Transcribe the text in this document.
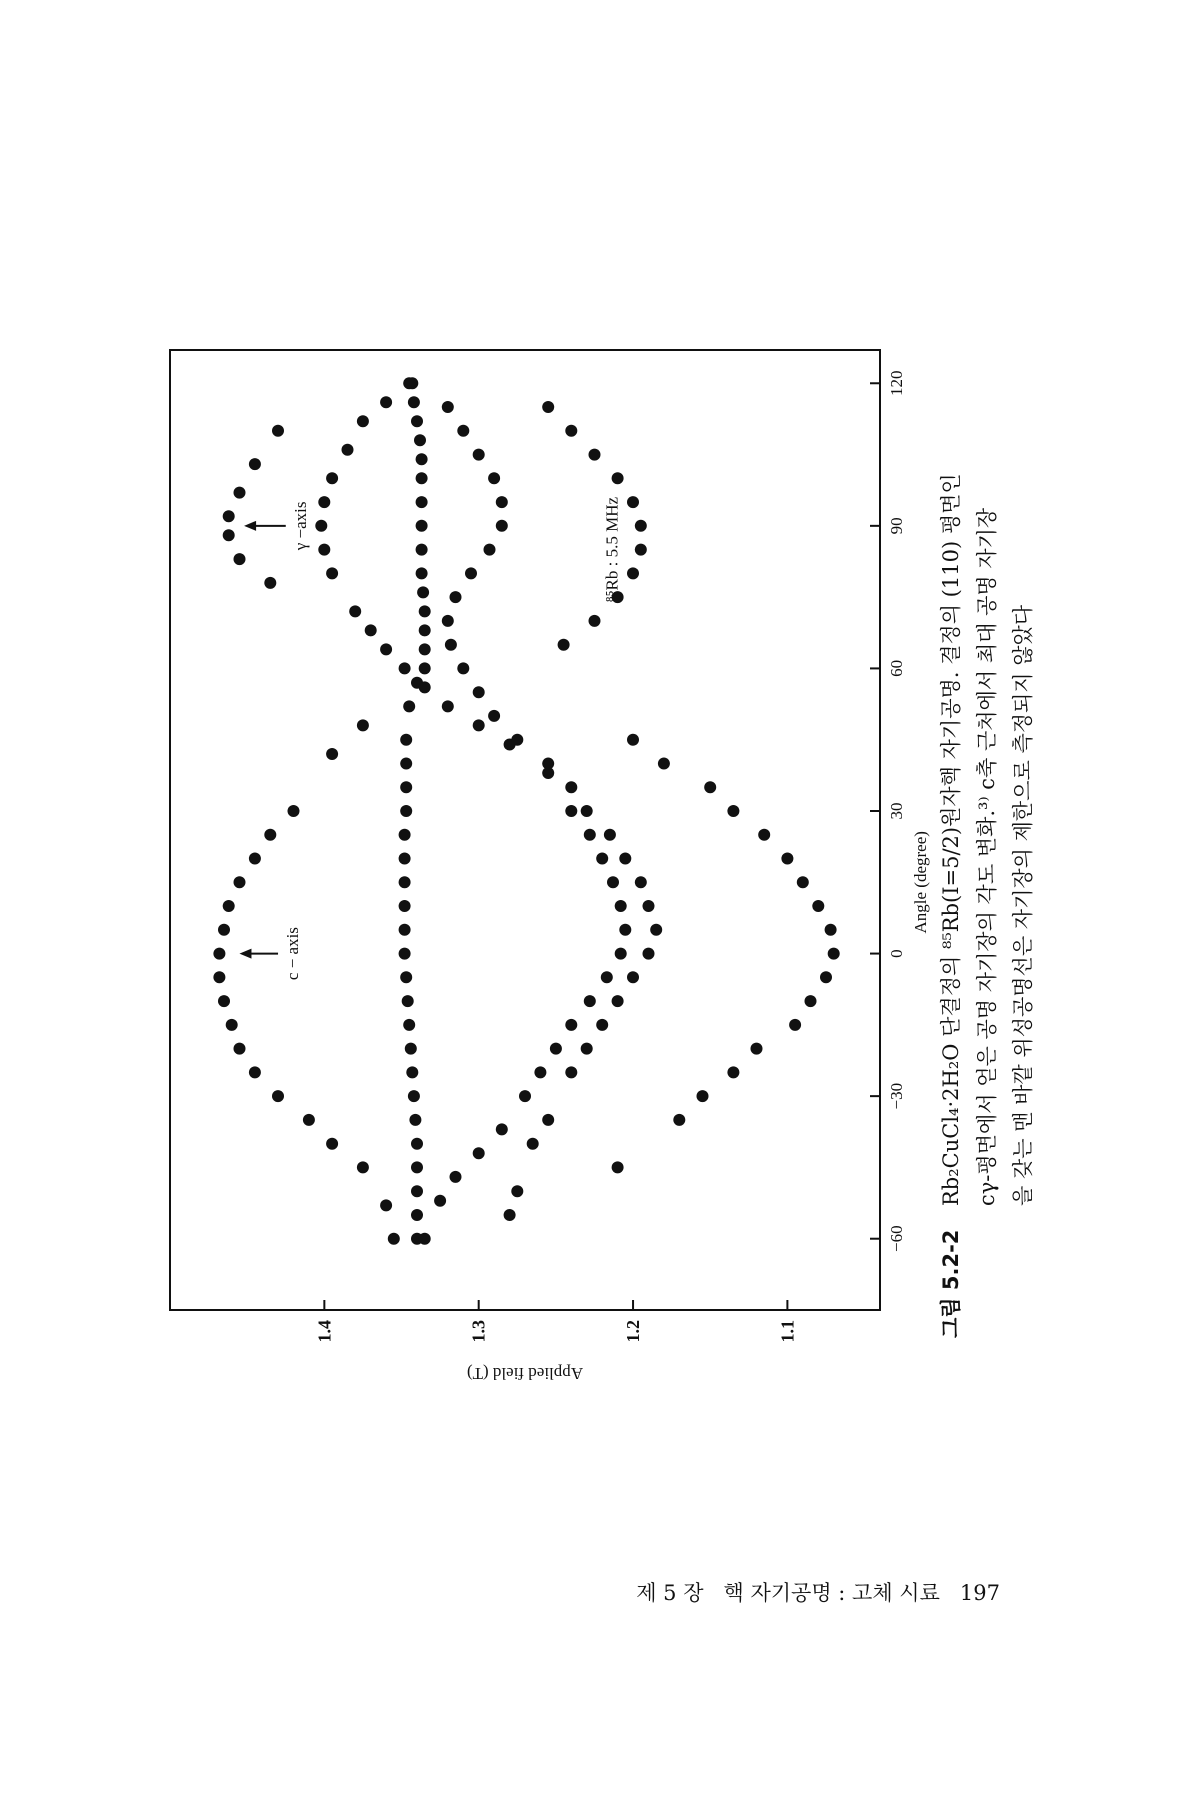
−60
−30
0
30
60
90
120
1.1
1.2
1.3
1.4
c − axis
γ −axis	⁸⁵Rb : 5.5 MHz
Angle (degree)
Applied field (T)
그림 5.2-2
Rb₂CuCl₄·2H₂O 단결정의 ⁸⁵Rb(I=5/2)원자핵 자기공명. 결정의 (110) 평면인 cγ-평면에서 얻은 공명 자기장의 각도 변화.³⁾ c축 근처에서 최대 공명 자기장 을 갖는 맨 바깥 위성공명선은 자기장의 제한으로 측정되지 않았다
제 5 장   핵 자기공명 : 고체 시료   197
